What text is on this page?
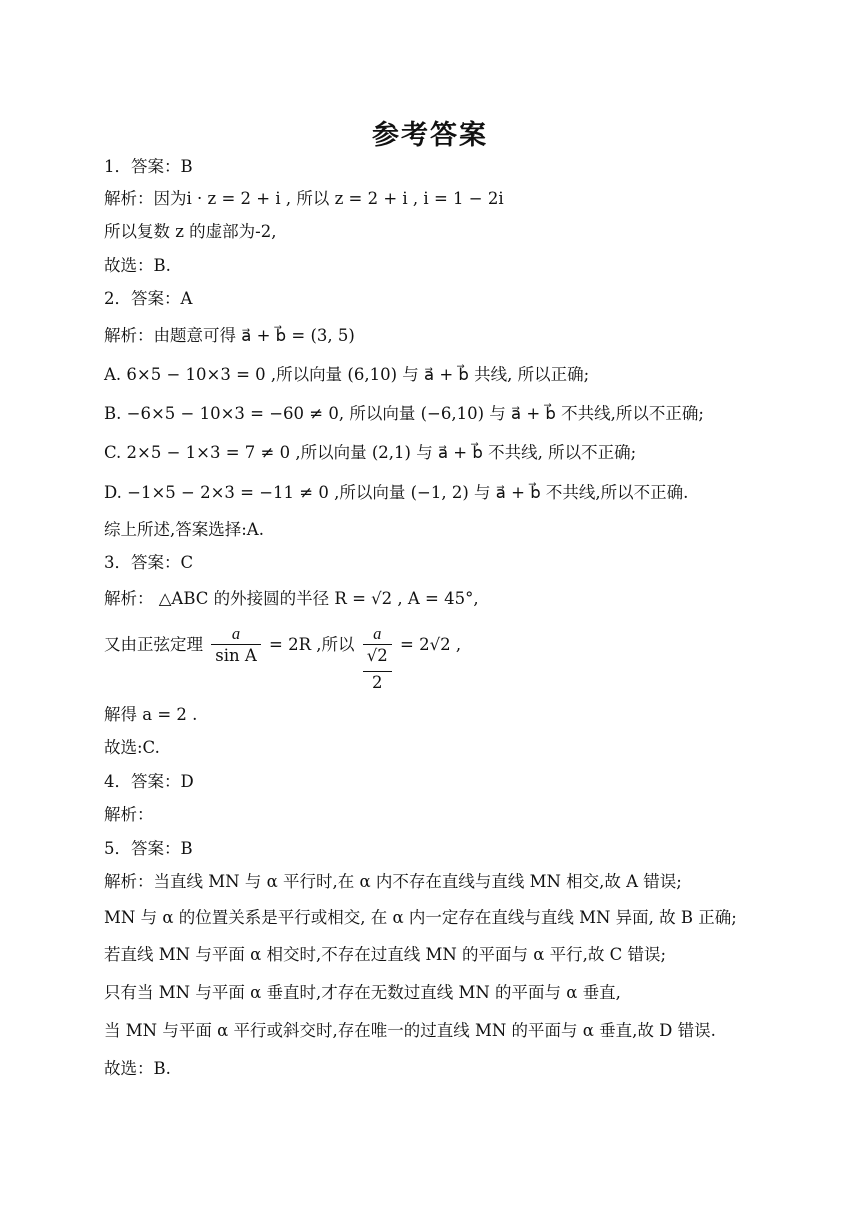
参考答案
1．答案：B
解析：因为i · z = 2 + i , 所以 z = 2 + i , i = 1 − 2i
所以复数 z 的虚部为-2,
故选：B.
2．答案：A
解析：由题意可得 a⃗ + b⃗ = (3, 5)
A. 6×5 − 10×3 = 0 ,所以向量 (6,10) 与 a⃗ + b⃗ 共线, 所以正确;
B. −6×5 − 10×3 = −60 ≠ 0, 所以向量 (−6,10) 与 a⃗ + b⃗ 不共线,所以不正确;
C. 2×5 − 1×3 = 7 ≠ 0 ,所以向量 (2,1) 与 a⃗ + b⃗ 不共线, 所以不正确;
D. −1×5 − 2×3 = −11 ≠ 0 ,所以向量 (−1, 2) 与 a⃗ + b⃗ 不共线,所以不正确.
综上所述,答案选择:A.
3．答案：C
解析： △ABC 的外接圆的半径 R = √2 , A = 45°,
又由正弦定理 $\frac{a}{\text{sin A}} = 2R$ ,所以
a
√2
2
= 2√2 ,
解得 a = 2 .
故选:C.
4．答案：D
解析：
5．答案：B
解析：当直线 MN 与 α 平行时,在 α 内不存在直线与直线 MN 相交,故 A 错误;
MN 与 α 的位置关系是平行或相交, 在 α 内一定存在直线与直线 MN 异面, 故 B 正确;
若直线 MN 与平面 α 相交时,不存在过直线 MN 的平面与 α 平行,故 C 错误;
只有当 MN 与平面 α 垂直时,才存在无数过直线 MN 的平面与 α 垂直,
当 MN 与平面 α 平行或斜交时,存在唯一的过直线 MN 的平面与 α 垂直,故 D 错误.
故选：B.
